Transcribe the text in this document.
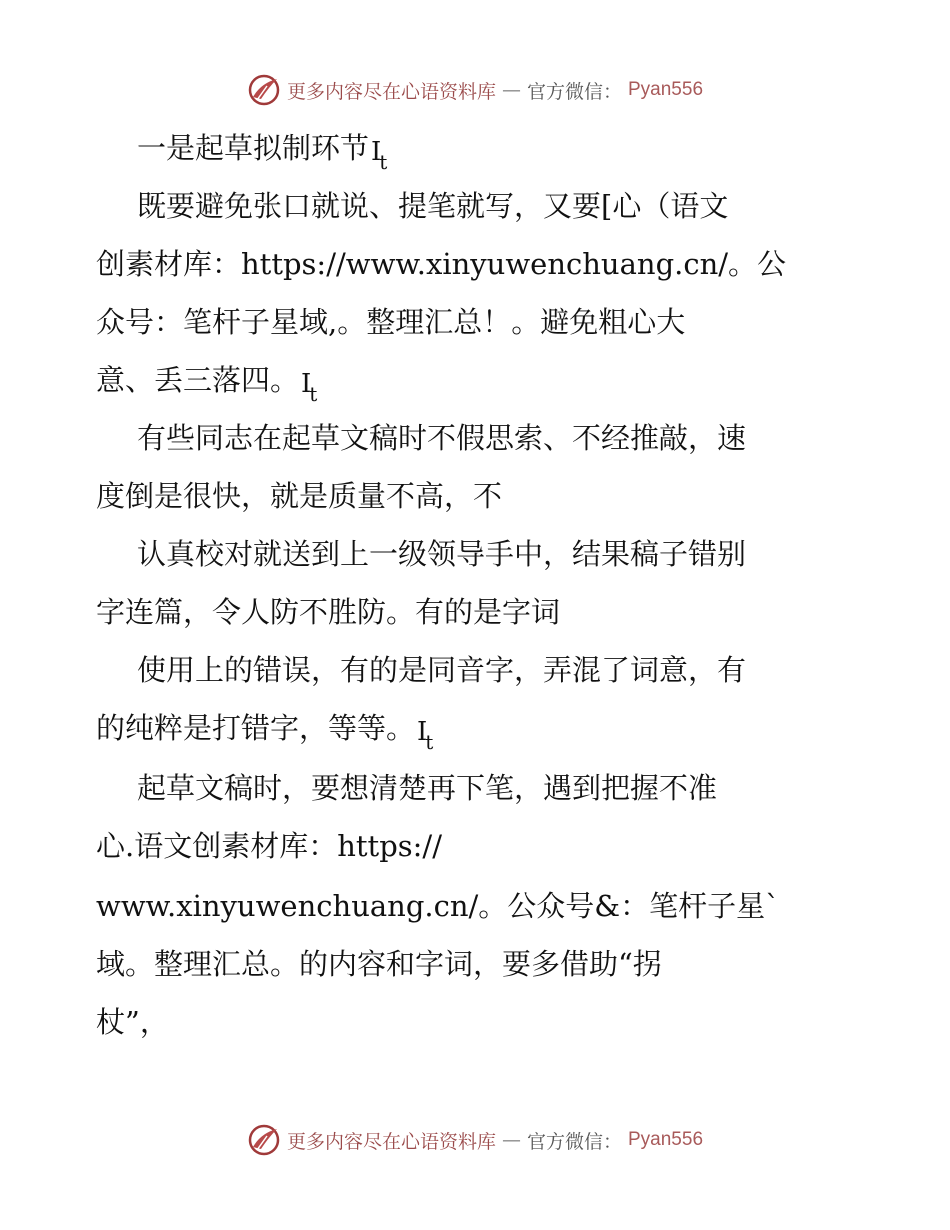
更多内容尽在心语资料库 — 官方微信： Pyan556
一是起草拟制环节$I_t$
既要避免张口就说、提笔就写，又要[心（语文
创素材库：https://www.xinyuwenchuang.cn/。公
众号：笔杆子星域,。整理汇总！。避免粗心大
意、丢三落四。$I_t$
有些同志在起草文稿时不假思索、不经推敲，速
度倒是很快，就是质量不高，不
认真校对就送到上一级领导手中，结果稿子错别
字连篇，令人防不胜防。有的是字词
使用上的错误，有的是同音字，弄混了词意，有
的纯粹是打错字，等等。$I_t$
起草文稿时，要想清楚再下笔，遇到把握不准
心.语文创素材库：https://
www.xinyuwenchuang.cn/。公众号&：笔杆子星`
域。整理汇总。的内容和字词，要多借助“拐
杖”，
更多内容尽在心语资料库 — 官方微信： Pyan556
